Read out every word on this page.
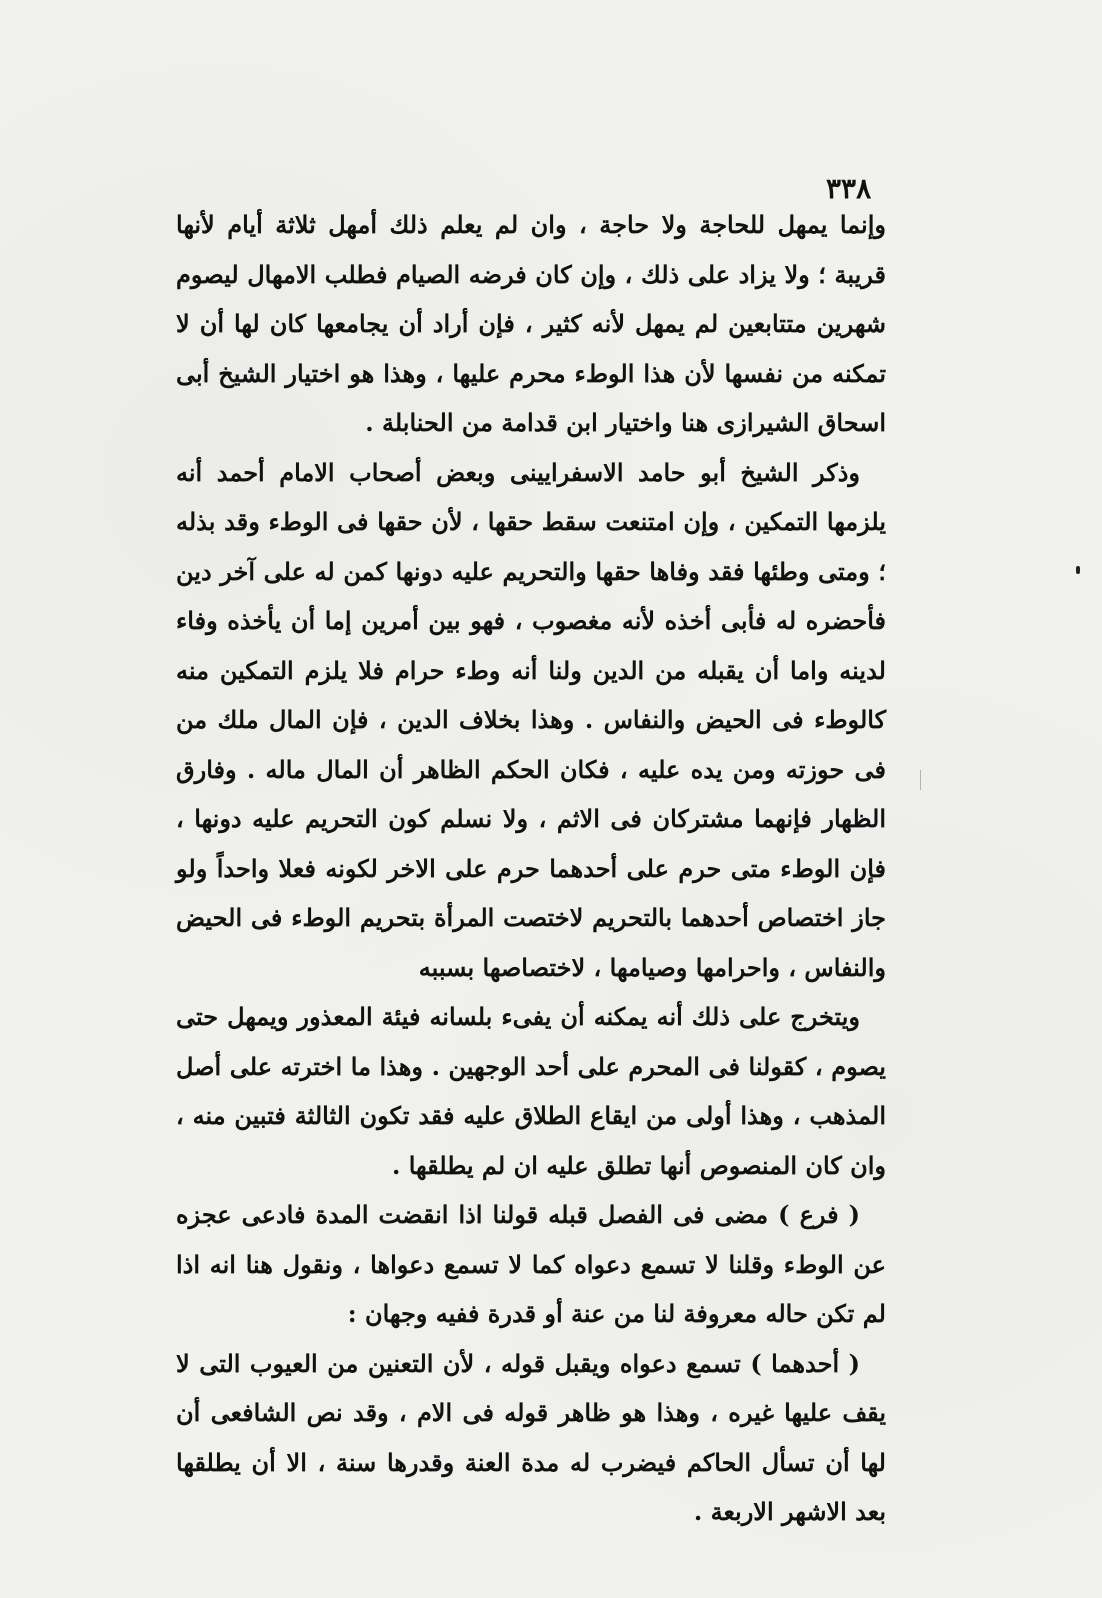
٣٣٨

وإنما يمهل للحاجة ولا حاجة ، وان لم يعلم ذلك أمهل ثلاثة أيام لأنها قريبة ؛ ولا يزاد على ذلك ، وإن كان فرضه الصيام فطلب الامهال ليصوم شهرين متتابعين لم يمهل لأنه كثير ، فإن أراد أن يجامعها كان لها أن لا تمكنه من نفسها لأن هذا الوطء محرم عليها ، وهذا هو اختيار الشيخ أبى اسحاق الشيرازى هنا واختيار ابن قدامة من الحنابلة .

وذكر الشيخ أبو حامد الاسفرايينى وبعض أصحاب الامام أحمد أنه يلزمها التمكين ، وإن امتنعت سقط حقها ، لأن حقها فى الوطء وقد بذله ؛ ومتى وطئها فقد وفاها حقها والتحريم عليه دونها كمن له على آخر دين فأحضره له فأبى أخذه لأنه مغصوب ، فهو بين أمرين إما أن يأخذه وفاء لدينه واما أن يقبله من الدين ولنا أنه وطء حرام فلا يلزم التمكين منه كالوطء فى الحيض والنفاس . وهذا بخلاف الدين ، فإن المال ملك من فى حوزته ومن يده عليه ، فكان الحكم الظاهر أن المال ماله . وفارق الظهار فإنهما مشتركان فى الاثم ، ولا نسلم كون التحريم عليه دونها ، فإن الوطء متى حرم على أحدهما حرم على الاخر لكونه فعلا واحداً ولو جاز اختصاص أحدهما بالتحريم لاختصت المرأة بتحريم الوطء فى الحيض والنفاس ، واحرامها وصيامها ، لاختصاصها بسببه

ويتخرج على ذلك أنه يمكنه أن يفىء بلسانه فيئة المعذور ويمهل حتى يصوم ، كقولنا فى المحرم على أحد الوجهين . وهذا ما اخترته على أصل المذهب ، وهذا أولى من ايقاع الطلاق عليه فقد تكون الثالثة فتبين منه ، وان كان المنصوص أنها تطلق عليه ان لم يطلقها .

( فرع ) مضى فى الفصل قبله قولنا اذا انقضت المدة فادعى عجزه عن الوطء وقلنا لا تسمع دعواه كما لا تسمع دعواها ، ونقول هنا انه اذا لم تكن حاله معروفة لنا من عنة أو قدرة ففيه وجهان :

( أحدهما ) تسمع دعواه ويقبل قوله ، لأن التعنين من العيوب التى لا يقف عليها غيره ، وهذا هو ظاهر قوله فى الام ، وقد نص الشافعى أن لها أن تسأل الحاكم فيضرب له مدة العنة وقدرها سنة ، الا أن يطلقها بعد الاشهر الاربعة .
